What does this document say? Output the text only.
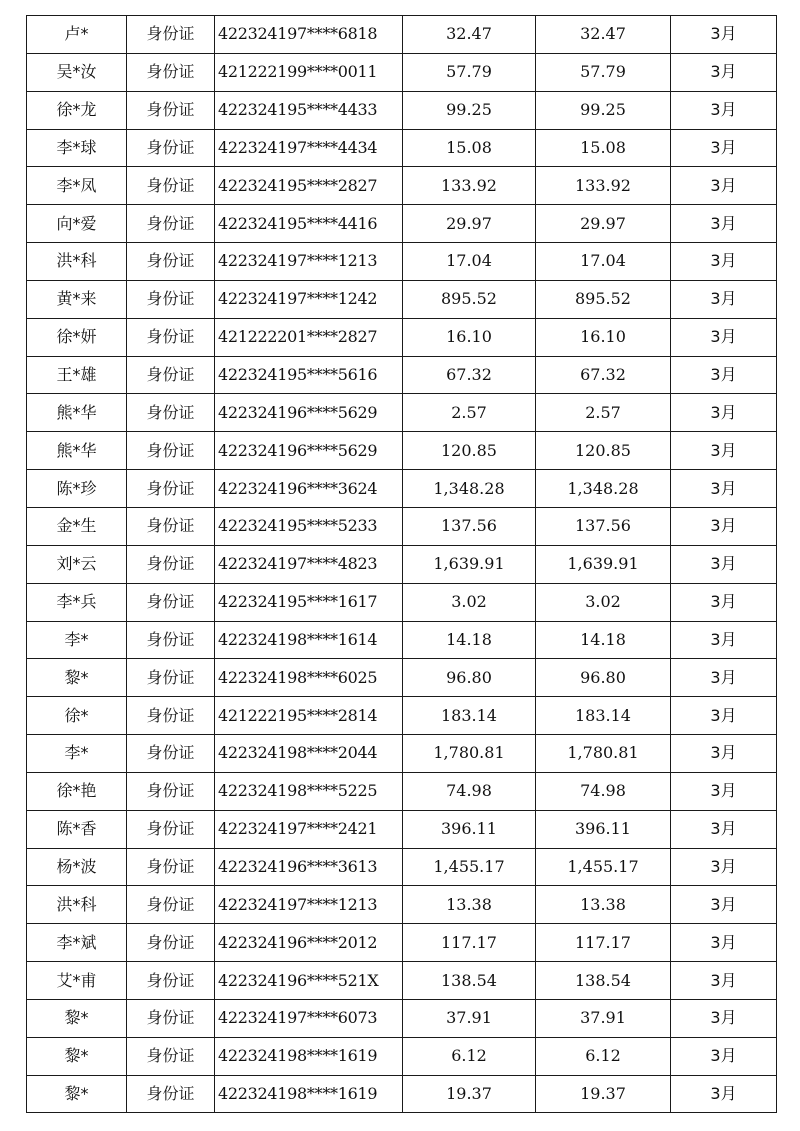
卢*	身份证	422324197****6818	32.47	32.47	3月
吴*汝	身份证	421222199****0011	57.79	57.79	3月
徐*龙	身份证	422324195****4433	99.25	99.25	3月
李*球	身份证	422324197****4434	15.08	15.08	3月
李*凤	身份证	422324195****2827	133.92	133.92	3月
向*爱	身份证	422324195****4416	29.97	29.97	3月
洪*科	身份证	422324197****1213	17.04	17.04	3月
黄*来	身份证	422324197****1242	895.52	895.52	3月
徐*妍	身份证	421222201****2827	16.10	16.10	3月
王*雄	身份证	422324195****5616	67.32	67.32	3月
熊*华	身份证	422324196****5629	2.57	2.57	3月
熊*华	身份证	422324196****5629	120.85	120.85	3月
陈*珍	身份证	422324196****3624	1,348.28	1,348.28	3月
金*生	身份证	422324195****5233	137.56	137.56	3月
刘*云	身份证	422324197****4823	1,639.91	1,639.91	3月
李*兵	身份证	422324195****1617	3.02	3.02	3月
李*	身份证	422324198****1614	14.18	14.18	3月
黎*	身份证	422324198****6025	96.80	96.80	3月
徐*	身份证	421222195****2814	183.14	183.14	3月
李*	身份证	422324198****2044	1,780.81	1,780.81	3月
徐*艳	身份证	422324198****5225	74.98	74.98	3月
陈*香	身份证	422324197****2421	396.11	396.11	3月
杨*波	身份证	422324196****3613	1,455.17	1,455.17	3月
洪*科	身份证	422324197****1213	13.38	13.38	3月
李*斌	身份证	422324196****2012	117.17	117.17	3月
艾*甫	身份证	422324196****521X	138.54	138.54	3月
黎*	身份证	422324197****6073	37.91	37.91	3月
黎*	身份证	422324198****1619	6.12	6.12	3月
黎*	身份证	422324198****1619	19.37	19.37	3月
